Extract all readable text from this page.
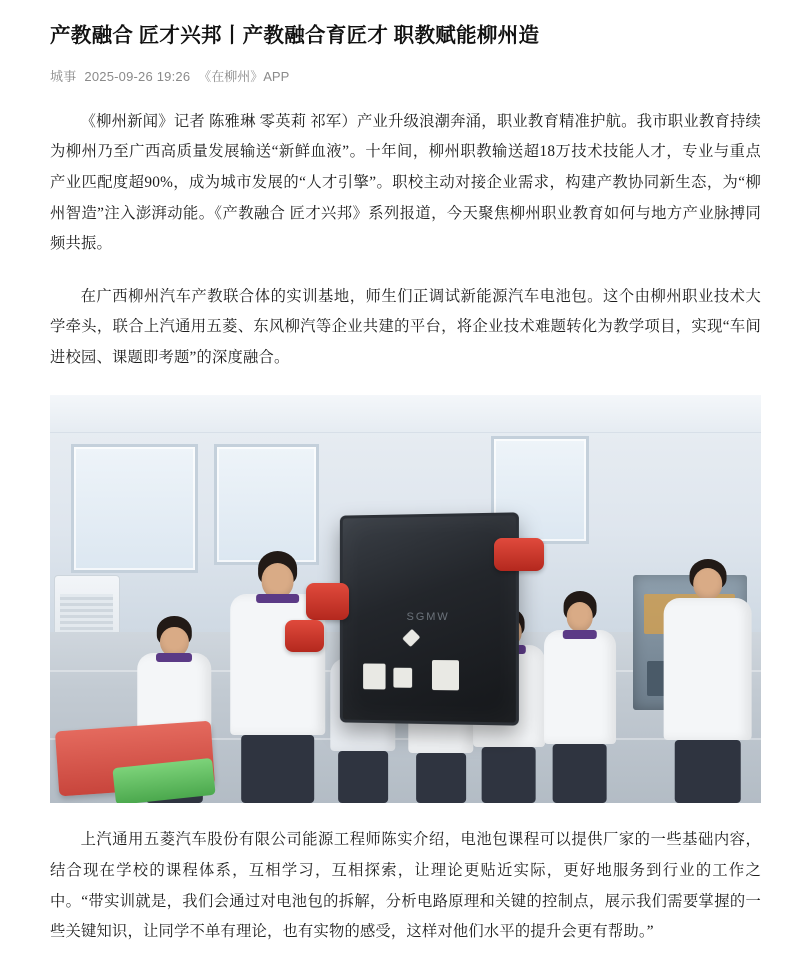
产教融合 匠才兴邦丨产教融合育匠才 职教赋能柳州造
城事 2025-09-26 19:26 《在柳州》APP

《柳州新闻》记者 陈雅琳 零英莉 祁军）产业升级浪潮奔涌，职业教育精准护航。我市职业教育持续为柳州乃至广西高质量发展输送“新鲜血液”。十年间，柳州职教输送超18万技术技能人才，专业与重点产业匹配度超90%，成为城市发展的“人才引擎”。职校主动对接企业需求，构建产教协同新生态，为“柳州智造”注入澎湃动能。《产教融合 匠才兴邦》系列报道，今天聚焦柳州职业教育如何与地方产业脉搏同频共振。

在广西柳州汽车产教联合体的实训基地，师生们正调试新能源汽车电池包。这个由柳州职业技术大学牵头，联合上汽通用五菱、东风柳汽等企业共建的平台，将企业技术难题转化为教学项目，实现“车间进校园、课题即考题”的深度融合。

SGMW

上汽通用五菱汽车股份有限公司能源工程师陈实介绍，电池包课程可以提供厂家的一些基础内容，结合现在学校的课程体系，互相学习，互相探索，让理论更贴近实际，更好地服务到行业的工作之中。“带实训就是，我们会通过对电池包的拆解，分析电路原理和关键的控制点，展示我们需要掌握的一些关键知识，让同学不单有理论，也有实物的感受，这样对他们水平的提升会更有帮助。”
